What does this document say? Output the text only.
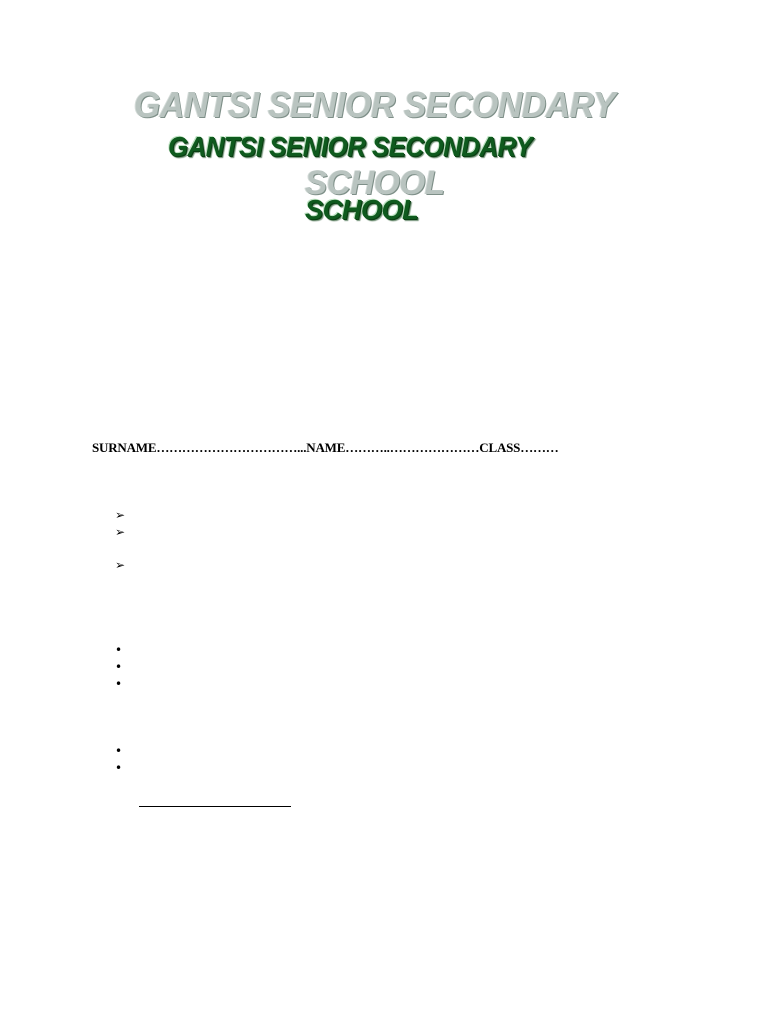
GANTSI SENIOR SECONDARY
GANTSI SENIOR SECONDARY
SCHOOL
SCHOOL
SURNAME……………………………...NAME………..…………………CLASS………
➢
➢
➢
•
•
•
•
•
